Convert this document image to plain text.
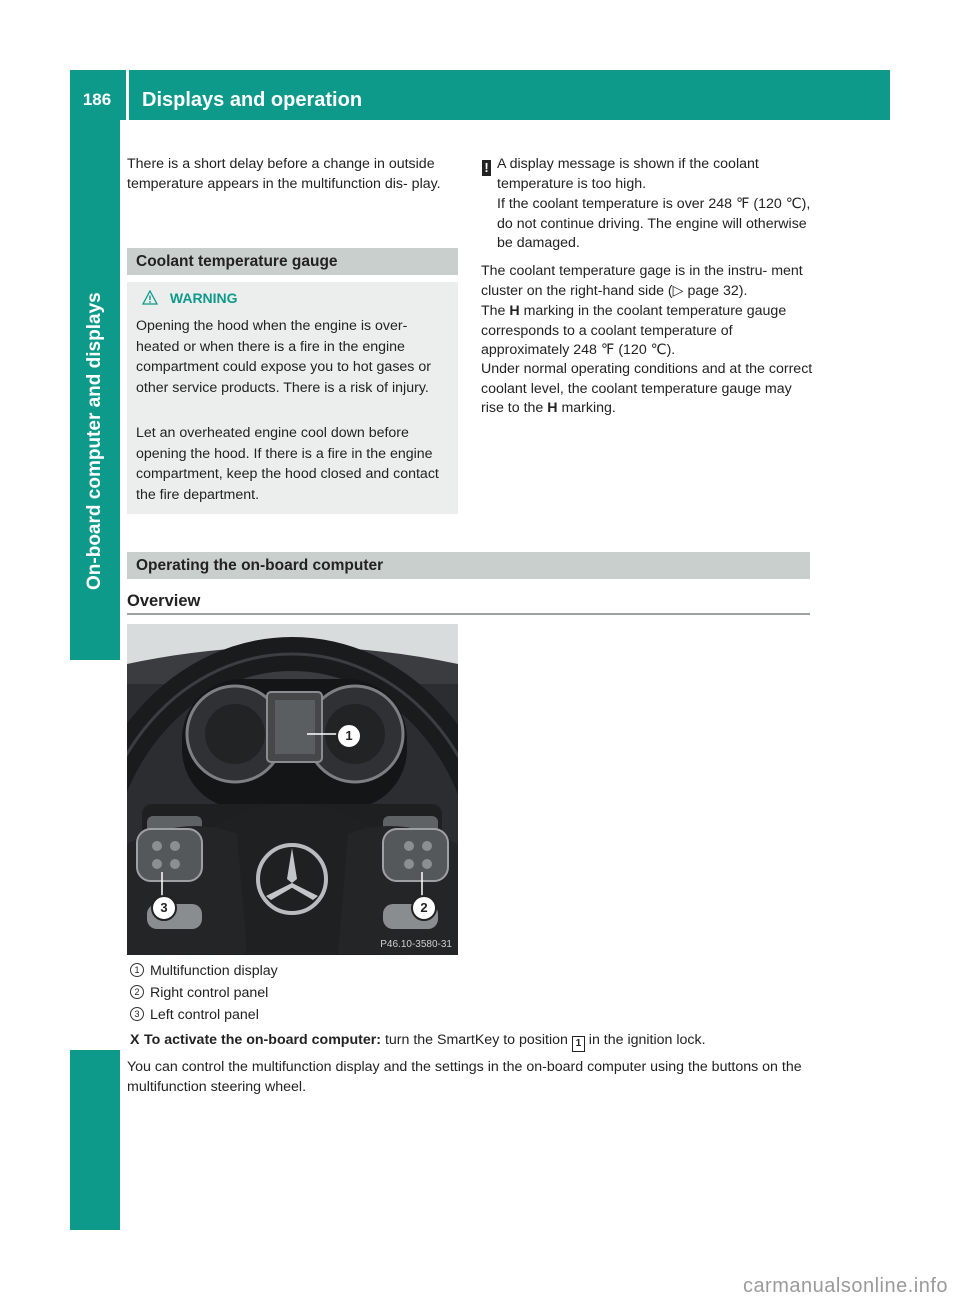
186	Displays and operation
On-board computer and displays
There is a short delay before a change in outside temperature appears in the multifunction dis- play.
Coolant temperature gauge
WARNING
Opening the hood when the engine is over- heated or when there is a fire in the engine compartment could expose you to hot gases or other service products. There is a risk of injury.
Let an overheated engine cool down before opening the hood. If there is a fire in the engine compartment, keep the hood closed and contact the fire department.
! A display message is shown if the coolant temperature is too high.
If the coolant temperature is over 248 ℉ (120 ℃), do not continue driving. The engine will otherwise be damaged.
The coolant temperature gage is in the instru- ment cluster on the right-hand side (▷ page 32).
The H marking in the coolant temperature gauge corresponds to a coolant temperature of approximately 248 ℉ (120 ℃).
Under normal operating conditions and at the correct coolant level, the coolant temperature gauge may rise to the H marking.
Operating the on-board computer
Overview
1
2
3
P46.10-3580-31
1 Multifunction display
2 Right control panel
3 Left control panel
X To activate the on-board computer: turn the SmartKey to position 1 in the ignition lock.
You can control the multifunction display and the settings in the on-board computer using the buttons on the multifunction steering wheel.
carmanualsonline.info
